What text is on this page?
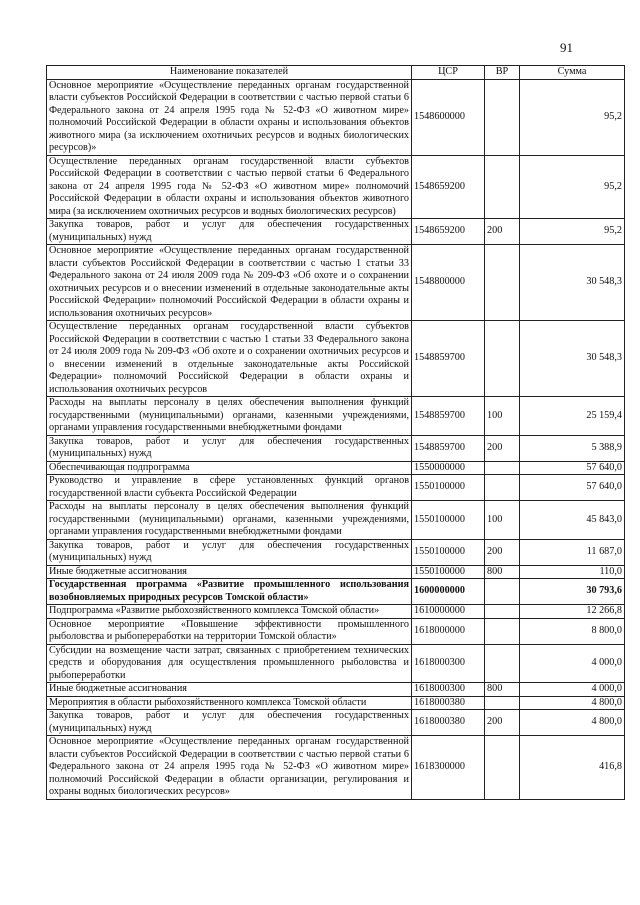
91
Наименование показателей	ЦСР	ВР	Сумма
Основное мероприятие «Осуществление переданных органам государственной власти субъектов Российской Федерации в соответствии с частью первой статьи 6 Федерального закона от 24 апреля 1995 года № 52-ФЗ «О животном мире» полномочий Российской Федерации в области охраны и использования объектов животного мира (за исключением охотничьих ресурсов и водных биологических ресурсов)»	1548600000		95,2
Осуществление переданных органам государственной власти субъектов Российской Федерации в соответствии с частью первой статьи 6 Федерального закона от 24 апреля 1995 года № 52-ФЗ «О животном мире» полномочий Российской Федерации в области охраны и использования объектов животного мира (за исключением охотничьих ресурсов и водных биологических ресурсов)	1548659200		95,2
Закупка товаров, работ и услуг для обеспечения государственных (муниципальных) нужд	1548659200	200	95,2
Основное мероприятие «Осуществление переданных органам государственной власти субъектов Российской Федерации в соответствии с частью 1 статьи 33 Федерального закона от 24 июля 2009 года № 209-ФЗ «Об охоте и о сохранении охотничьих ресурсов и о внесении изменений в отдельные законодательные акты Российской Федерации» полномочий Российской Федерации в области охраны и использования охотничьих ресурсов»	1548800000		30 548,3
Осуществление переданных органам государственной власти субъектов Российской Федерации в соответствии с частью 1 статьи 33 Федерального закона от 24 июля 2009 года № 209-ФЗ «Об охоте и о сохранении охотничьих ресурсов и о внесении изменений в отдельные законодательные акты Российской Федерации» полномочий Российской Федерации в области охраны и использования охотничьих ресурсов	1548859700		30 548,3
Расходы на выплаты персоналу в целях обеспечения выполнения функций государственными (муниципальными) органами, казенными учреждениями, органами управления государственными внебюджетными фондами	1548859700	100	25 159,4
Закупка товаров, работ и услуг для обеспечения государственных (муниципальных) нужд	1548859700	200	5 388,9
Обеспечивающая подпрограмма	1550000000		57 640,0
Руководство и управление в сфере установленных функций органов государственной власти субъекта Российской Федерации	1550100000		57 640,0
Расходы на выплаты персоналу в целях обеспечения выполнения функций государственными (муниципальными) органами, казенными учреждениями, органами управления государственными внебюджетными фондами	1550100000	100	45 843,0
Закупка товаров, работ и услуг для обеспечения государственных (муниципальных) нужд	1550100000	200	11 687,0
Иные бюджетные ассигнования	1550100000	800	110,0
Государственная программа «Развитие промышленного использования возобновляемых природных ресурсов Томской области»	1600000000		30 793,6
Подпрограмма «Развитие рыбохозяйственного комплекса Томской области»	1610000000		12 266,8
Основное мероприятие «Повышение эффективности промышленного рыболовства и рыбопереработки на территории Томской области»	1618000000		8 800,0
Субсидии на возмещение части затрат, связанных с приобретением технических средств и оборудования для осуществления промышленного рыболовства и рыбопереработки	1618000300		4 000,0
Иные бюджетные ассигнования	1618000300	800	4 000,0
Мероприятия в области рыбохозяйственного комплекса Томской области	1618000380		4 800,0
Закупка товаров, работ и услуг для обеспечения государственных (муниципальных) нужд	1618000380	200	4 800,0
Основное мероприятие «Осуществление переданных органам государственной власти субъектов Российской Федерации в соответствии с частью первой статьи 6 Федерального закона от 24 апреля 1995 года № 52-ФЗ «О животном мире» полномочий Российской Федерации в области организации, регулирования и охраны водных биологических ресурсов»	1618300000		416,8
